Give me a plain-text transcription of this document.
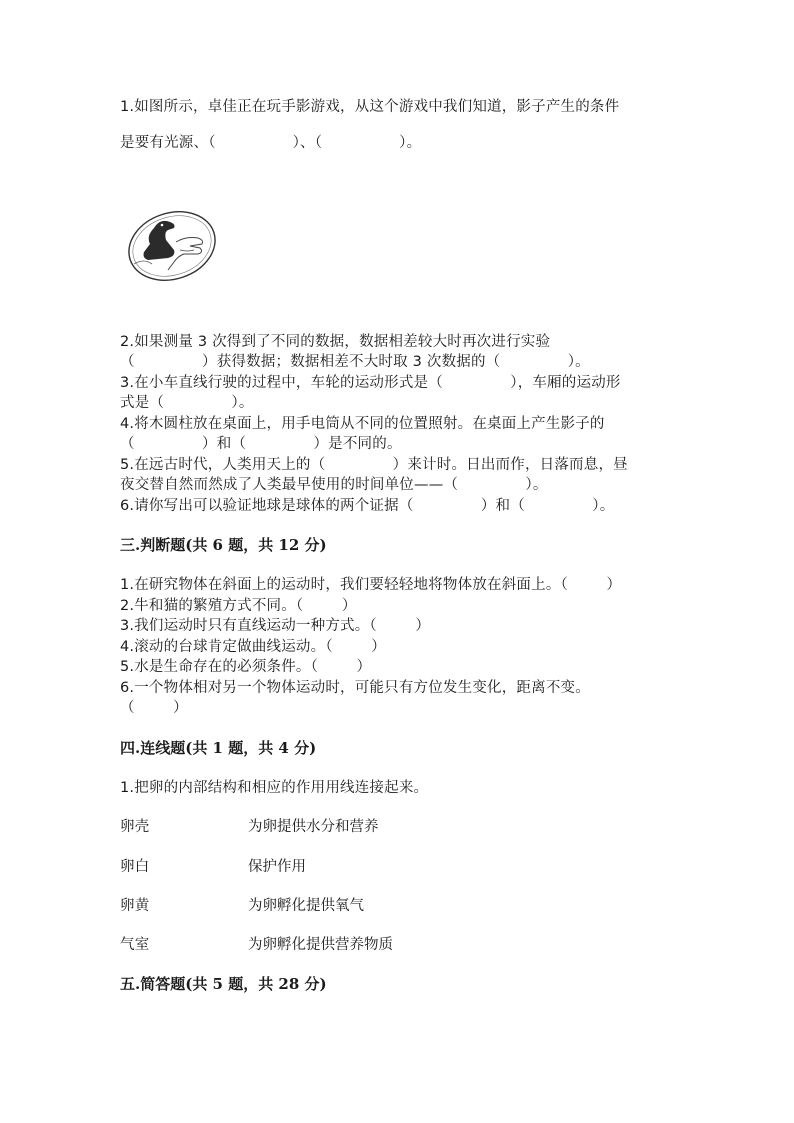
1.如图所示，卓佳正在玩手影游戏，从这个游戏中我们知道，影子产生的条件
是要有光源、（                ）、（                ）。
2.如果测量 3 次得到了不同的数据，数据相差较大时再次进行实验
（              ）获得数据；数据相差不大时取 3 次数据的（              ）。
3.在小车直线行驶的过程中，车轮的运动形式是（              ），车厢的运动形
式是（              ）。
4.将木圆柱放在桌面上，用手电筒从不同的位置照射。在桌面上产生影子的
（              ）和（              ）是不同的。
5.在远古时代，人类用天上的（              ）来计时。日出而作，日落而息，昼
夜交替自然而然成了人类最早使用的时间单位——（              ）。
6.请你写出可以验证地球是球体的两个证据（              ）和（              ）。
三.判断题(共 6 题，共 12 分)
1.在研究物体在斜面上的运动时，我们要轻轻地将物体放在斜面上。（        ）
2.牛和猫的繁殖方式不同。（        ）
3.我们运动时只有直线运动一种方式。（        ）
4.滚动的台球肯定做曲线运动。（        ）
5.水是生命存在的必须条件。（        ）
6.一个物体相对另一个物体运动时，可能只有方位发生变化，距离不变。
（        ）
四.连线题(共 1 题，共 4 分)
1.把卵的内部结构和相应的作用用线连接起来。
卵壳	为卵提供水分和营养
卵白	保护作用
卵黄	为卵孵化提供氧气
气室	为卵孵化提供营养物质
五.简答题(共 5 题，共 28 分)
